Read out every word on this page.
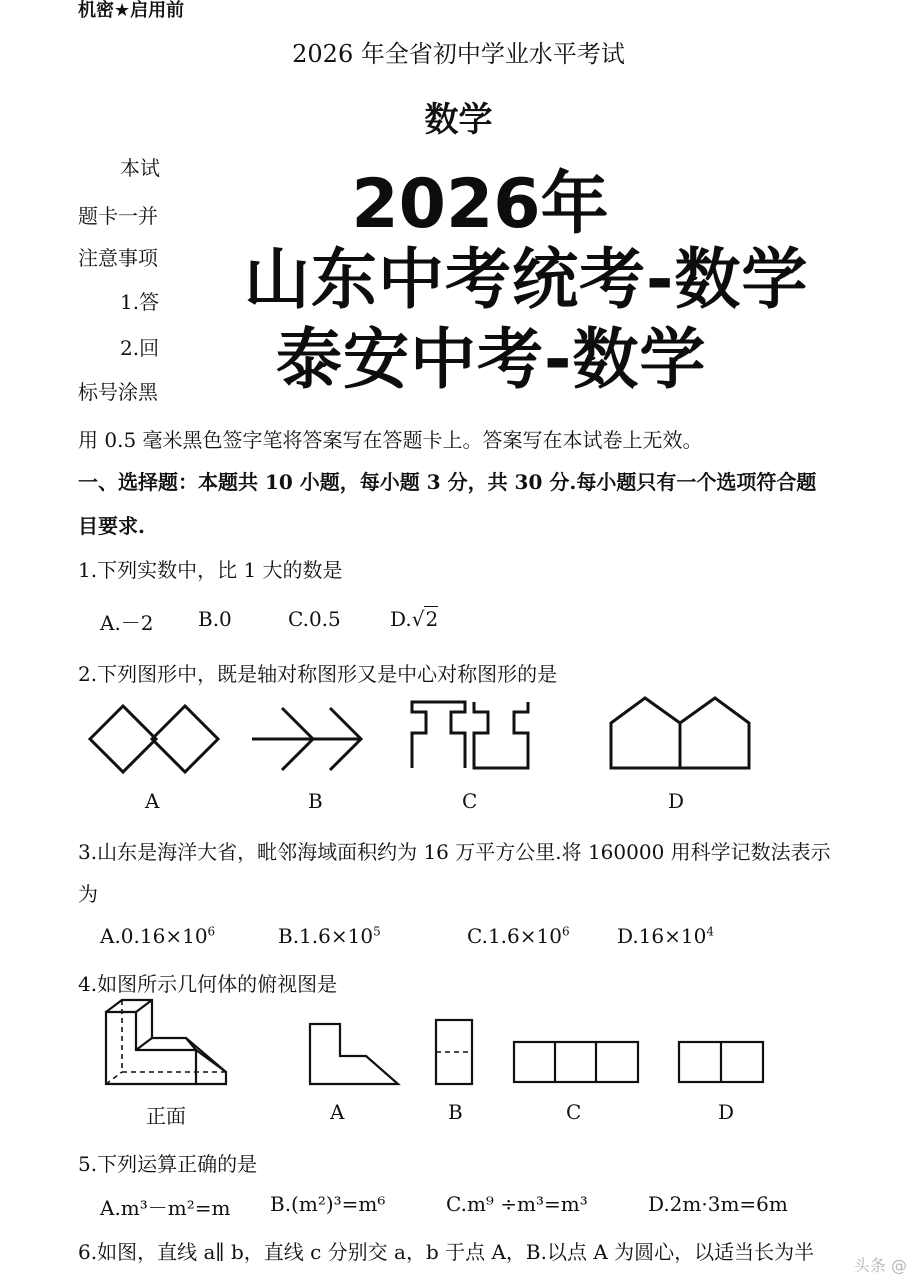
机密★启用前
2026 年全省初中学业水平考试
数学
本试
题卡一并
注意事项
1.答
2.回
标号涂黑
2026年
山东中考统考-数学
泰安中考-数学
用 0.5 毫米黑色签字笔将答案写在答题卡上。答案写在本试卷上无效。
一、选择题：本题共 10 小题，每小题 3 分，共 30 分.每小题只有一个选项符合题
目要求.
1.下列实数中，比 1 大的数是
A.－2 B.0	C.0.5 D.√2
2.下列图形中，既是轴对称图形又是中心对称图形的是
A	B	C	D
3.山东是海洋大省，毗邻海域面积约为 16 万平方公里.将 160000 用科学记数法表示
为
$A.0.16\times 10^6$	$B.1.6\times 10^5$	$C.1.6\times 10^6$ $D.16\times 10^4$
4.如图所示几何体的俯视图是
正面	A	B	C	D
5.下列运算正确的是
A.m³－m²=m B.(m²)³=m⁶	C.m⁹ ÷m³=m³	D.2m·3m=6m
6.如图，直线 a∥ b，直线 c 分别交 a，b 于点 A，B.以点 A 为圆心，以适当长为半
头条 @
